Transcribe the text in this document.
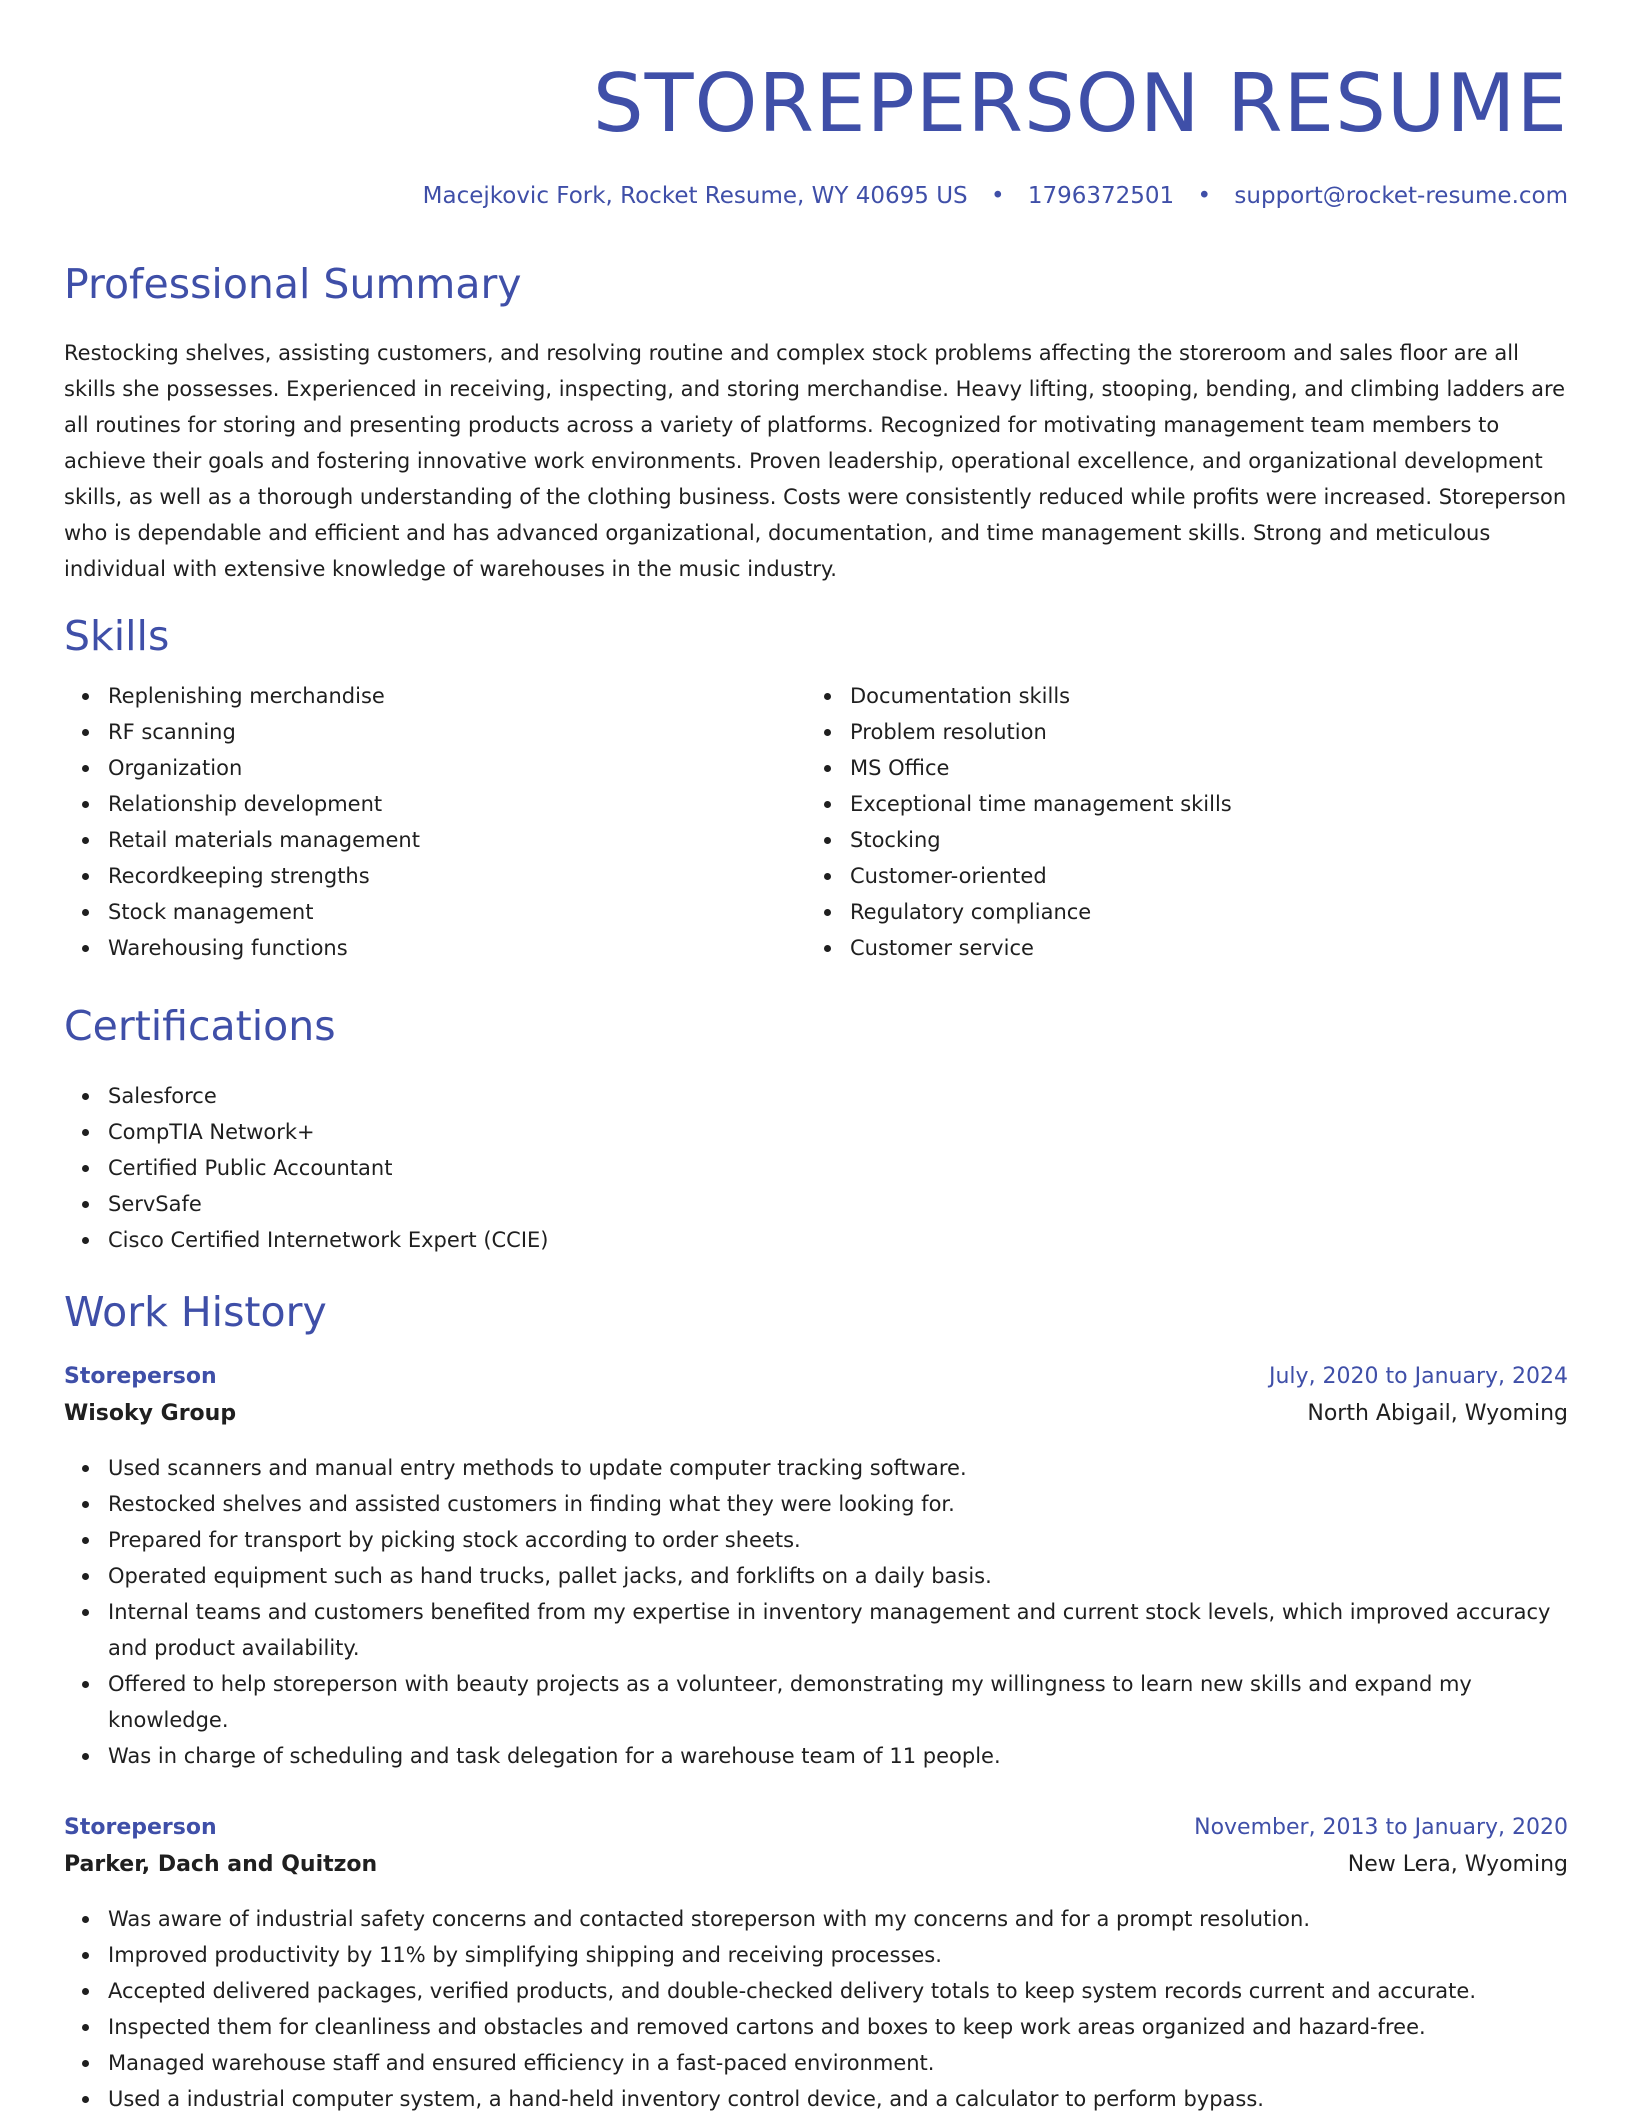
STOREPERSON RESUME
Macejkovic Fork, Rocket Resume, WY 40695 US • 1796372501 • support@rocket-resume.com
Professional Summary

Restocking shelves, assisting customers, and resolving routine and complex stock problems affecting the storeroom and sales floor are all skills she possesses. Experienced in receiving, inspecting, and storing merchandise. Heavy lifting, stooping, bending, and climbing ladders are all routines for storing and presenting products across a variety of platforms. Recognized for motivating management team members to achieve their goals and fostering innovative work environments. Proven leadership, operational excellence, and organizational development skills, as well as a thorough understanding of the clothing business. Costs were consistently reduced while profits were increased. Storeperson who is dependable and efficient and has advanced organizational, documentation, and time management skills. Strong and meticulous individual with extensive knowledge of warehouses in the music industry.

Skills
Replenishing merchandise
RF scanning
Organization
Relationship development
Retail materials management
Recordkeeping strengths
Stock management
Warehousing functions
Documentation skills
Problem resolution
MS Office
Exceptional time management skills
Stocking
Customer-oriented
Regulatory compliance
Customer service
Certifications
Salesforce
CompTIA Network+
Certified Public Accountant
ServSafe
Cisco Certified Internetwork Expert (CCIE)
Work History
Storeperson	July, 2020 to January, 2024
Wisoky Group	North Abigail, Wyoming
Used scanners and manual entry methods to update computer tracking software.
Restocked shelves and assisted customers in finding what they were looking for.
Prepared for transport by picking stock according to order sheets.
Operated equipment such as hand trucks, pallet jacks, and forklifts on a daily basis.
Internal teams and customers benefited from my expertise in inventory management and current stock levels, which improved accuracy and product availability.
Offered to help storeperson with beauty projects as a volunteer, demonstrating my willingness to learn new skills and expand my knowledge.
Was in charge of scheduling and task delegation for a warehouse team of 11 people.
Storeperson	November, 2013 to January, 2020
Parker, Dach and Quitzon	New Lera, Wyoming
Was aware of industrial safety concerns and contacted storeperson with my concerns and for a prompt resolution.
Improved productivity by 11% by simplifying shipping and receiving processes.
Accepted delivered packages, verified products, and double-checked delivery totals to keep system records current and accurate.
Inspected them for cleanliness and obstacles and removed cartons and boxes to keep work areas organized and hazard-free.
Managed warehouse staff and ensured efficiency in a fast-paced environment.
Used a industrial computer system, a hand-held inventory control device, and a calculator to perform bypass.
